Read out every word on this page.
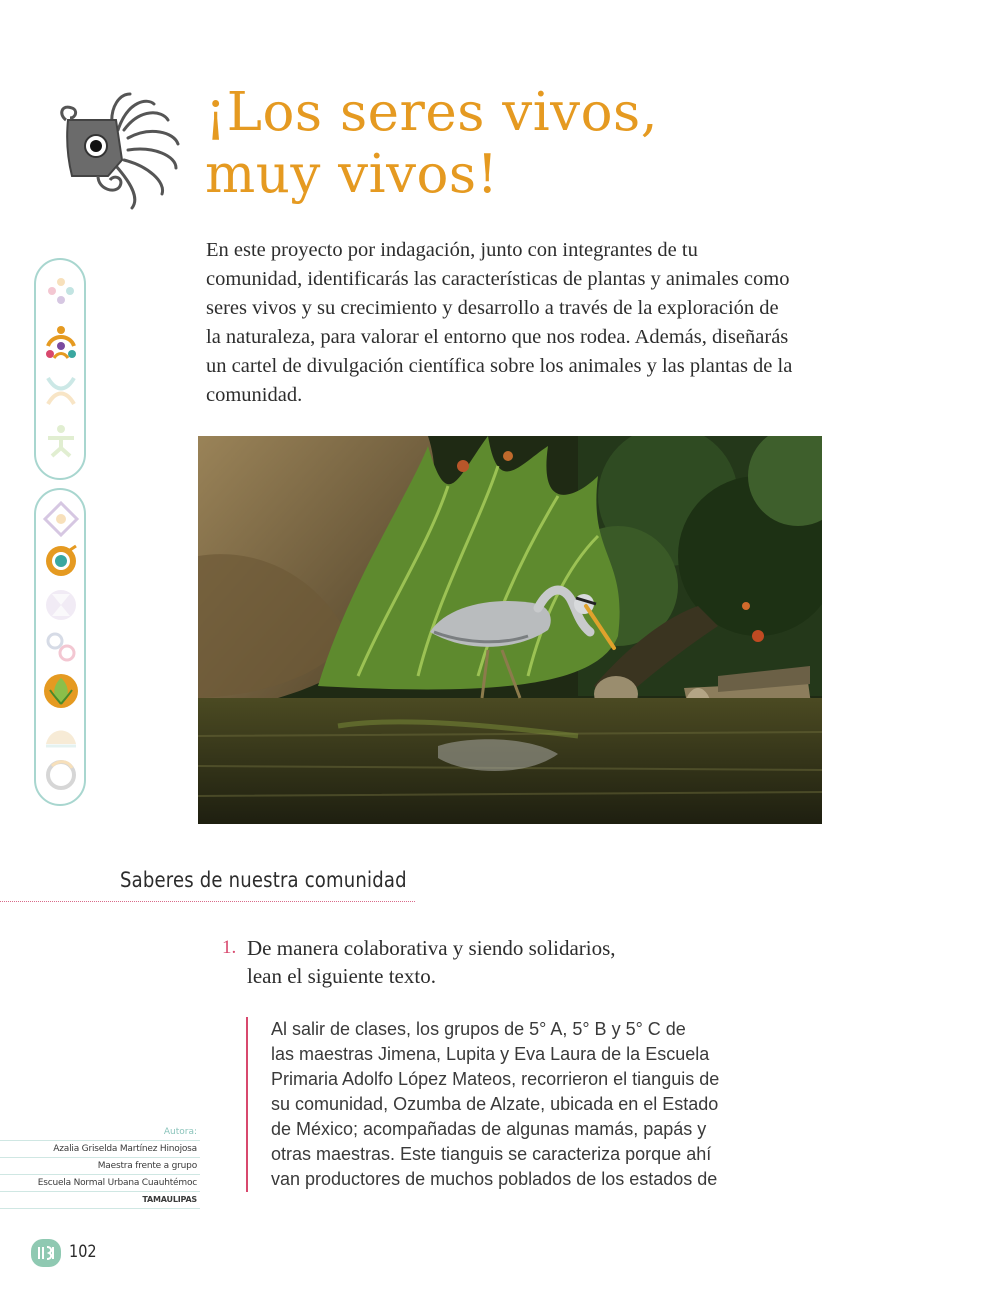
¡Los seres vivos,
muy vivos!

En este proyecto por indagación, junto con integrantes de tu comunidad, identificarás las características de plantas y animales como seres vivos y su crecimiento y desarrollo a través de la exploración de la naturaleza, para valorar el entorno que nos rodea. Además, diseñarás un cartel de divulgación científica sobre los animales y las plantas de la comunidad.

Saberes de nuestra comunidad
1. De manera colaborativa y siendo solidarios,
lean el siguiente texto.
Al salir de clases, los grupos de 5° A, 5° B y 5° C de
las maestras Jimena, Lupita y Eva Laura de la Escuela
Primaria Adolfo López Mateos, recorrieron el tianguis de
su comunidad, Ozumba de Alzate, ubicada en el Estado
de México; acompañadas de algunas mamás, papás y
otras maestras. Este tianguis se caracteriza porque ahí
van productores de muchos poblados de los estados de
Autora:
Azalia Griselda Martínez Hinojosa
Maestra frente a grupo
Escuela Normal Urbana Cuauhtémoc
TAMAULIPAS
102
